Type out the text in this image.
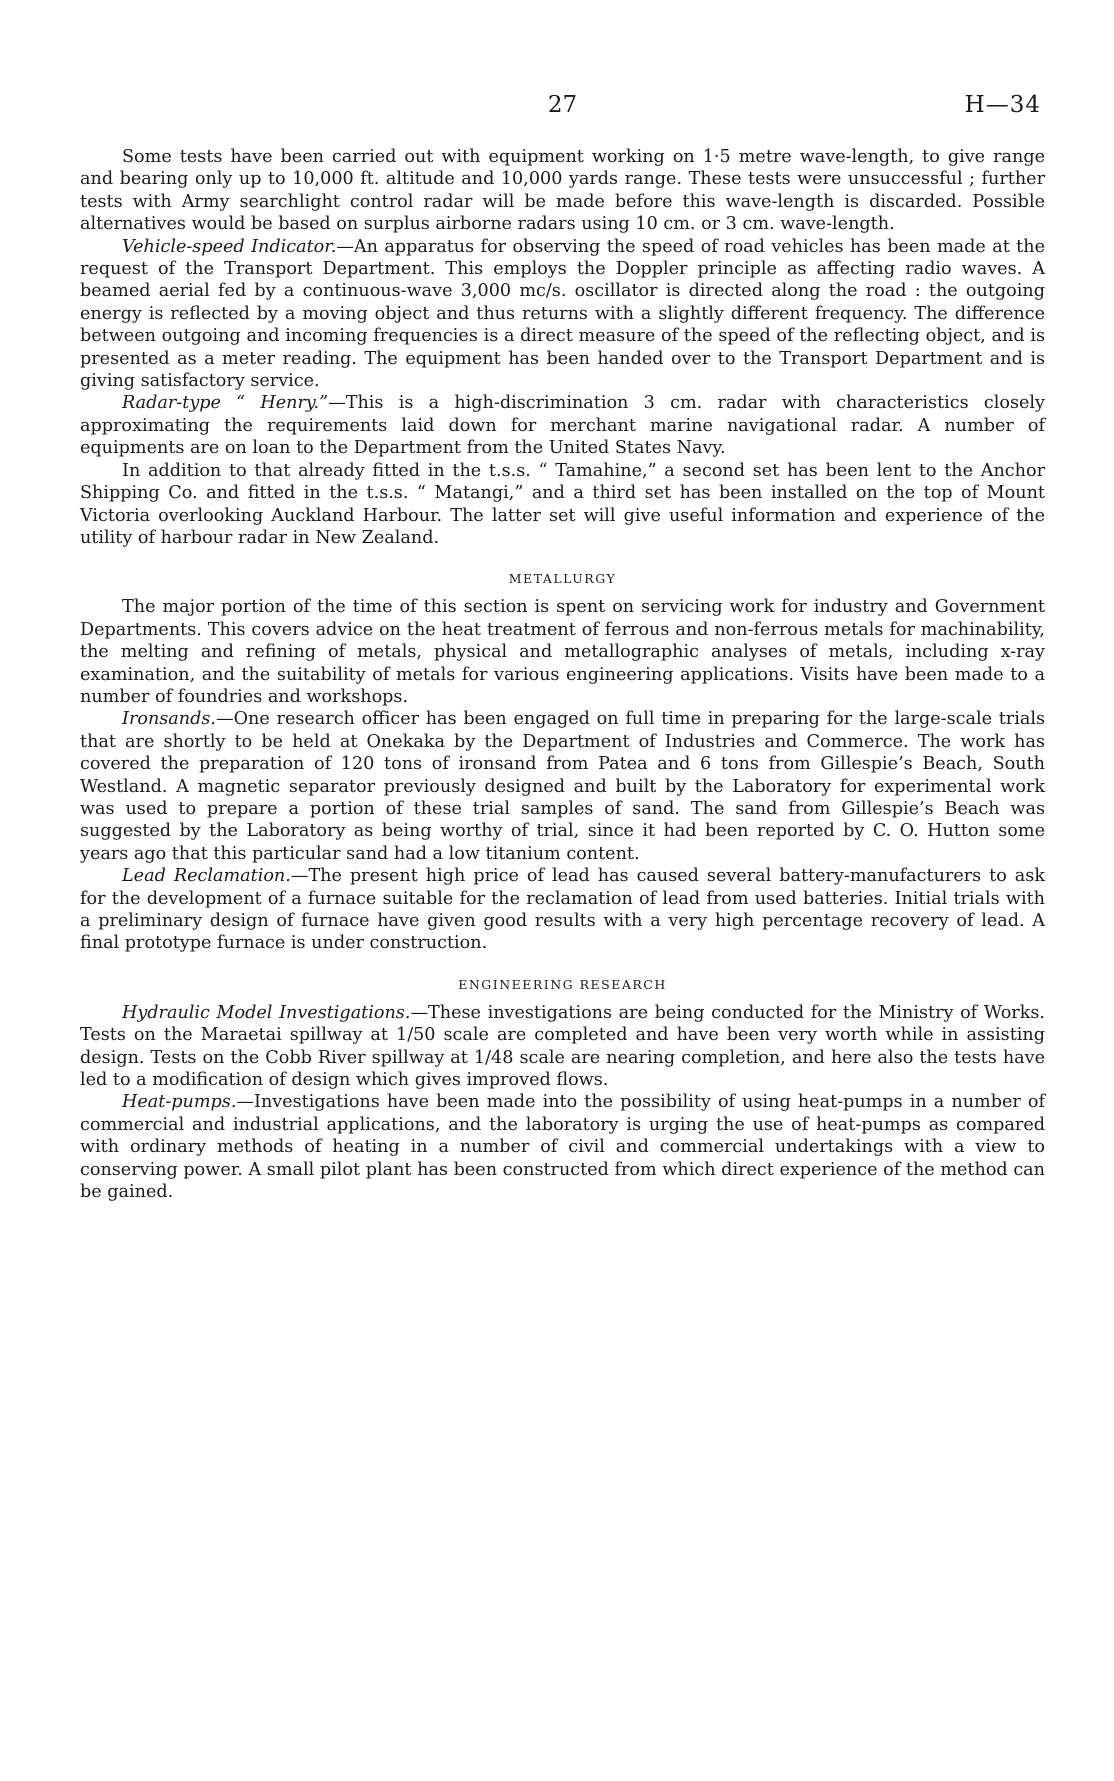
27	H—34

Some tests have been carried out with equipment working on 1·5 metre wave-length, to give range and bearing only up to 10,000 ft. altitude and 10,000 yards range. These tests were unsuccessful ; further tests with Army searchlight control radar will be made before this wave-length is discarded. Possible alternatives would be based on surplus airborne radars using 10 cm. or 3 cm. wave-length.

Vehicle-speed Indicator.—An apparatus for observing the speed of road vehicles has been made at the request of the Transport Department. This employs the Doppler principle as affecting radio waves. A beamed aerial fed by a continuous-wave 3,000 mc/s. oscillator is directed along the road : the outgoing energy is reflected by a moving object and thus returns with a slightly different frequency. The difference between outgoing and incoming frequencies is a direct measure of the speed of the reflecting object, and is presented as a meter reading. The equipment has been handed over to the Transport Department and is giving satisfactory service.

Radar-type “ Henry.”—This is a high-discrimination 3 cm. radar with characteristics closely approximating the requirements laid down for merchant marine navigational radar. A number of equipments are on loan to the Department from the United States Navy.

In addition to that already fitted in the t.s.s. “ Tamahine,” a second set has been lent to the Anchor Shipping Co. and fitted in the t.s.s. “ Matangi,” and a third set has been installed on the top of Mount Victoria overlooking Auckland Harbour. The latter set will give useful information and experience of the utility of harbour radar in New Zealand.

METALLURGY

The major portion of the time of this section is spent on servicing work for industry and Government Departments. This covers advice on the heat treatment of ferrous and non-ferrous metals for machinability, the melting and refining of metals, physical and metallographic analyses of metals, including x-ray examination, and the suitability of metals for various engineering applications. Visits have been made to a number of foundries and workshops.

Ironsands.—One research officer has been engaged on full time in preparing for the large-scale trials that are shortly to be held at Onekaka by the Department of Industries and Commerce. The work has covered the preparation of 120 tons of ironsand from Patea and 6 tons from Gillespie’s Beach, South Westland. A magnetic separator previously designed and built by the Laboratory for experimental work was used to prepare a portion of these trial samples of sand. The sand from Gillespie’s Beach was suggested by the Laboratory as being worthy of trial, since it had been reported by C. O. Hutton some years ago that this particular sand had a low titanium content.

Lead Reclamation.—The present high price of lead has caused several battery-manufacturers to ask for the development of a furnace suitable for the reclamation of lead from used batteries. Initial trials with a preliminary design of furnace have given good results with a very high percentage recovery of lead. A final prototype furnace is under construction.

ENGINEERING RESEARCH

Hydraulic Model Investigations.—These investigations are being conducted for the Ministry of Works. Tests on the Maraetai spillway at 1/50 scale are completed and have been very worth while in assisting design. Tests on the Cobb River spillway at 1/48 scale are nearing completion, and here also the tests have led to a modification of design which gives improved flows.

Heat-pumps.—Investigations have been made into the possibility of using heat-pumps in a number of commercial and industrial applications, and the laboratory is urging the use of heat-pumps as compared with ordinary methods of heating in a number of civil and commercial undertakings with a view to conserving power. A small pilot plant has been constructed from which direct experience of the method can be gained.
